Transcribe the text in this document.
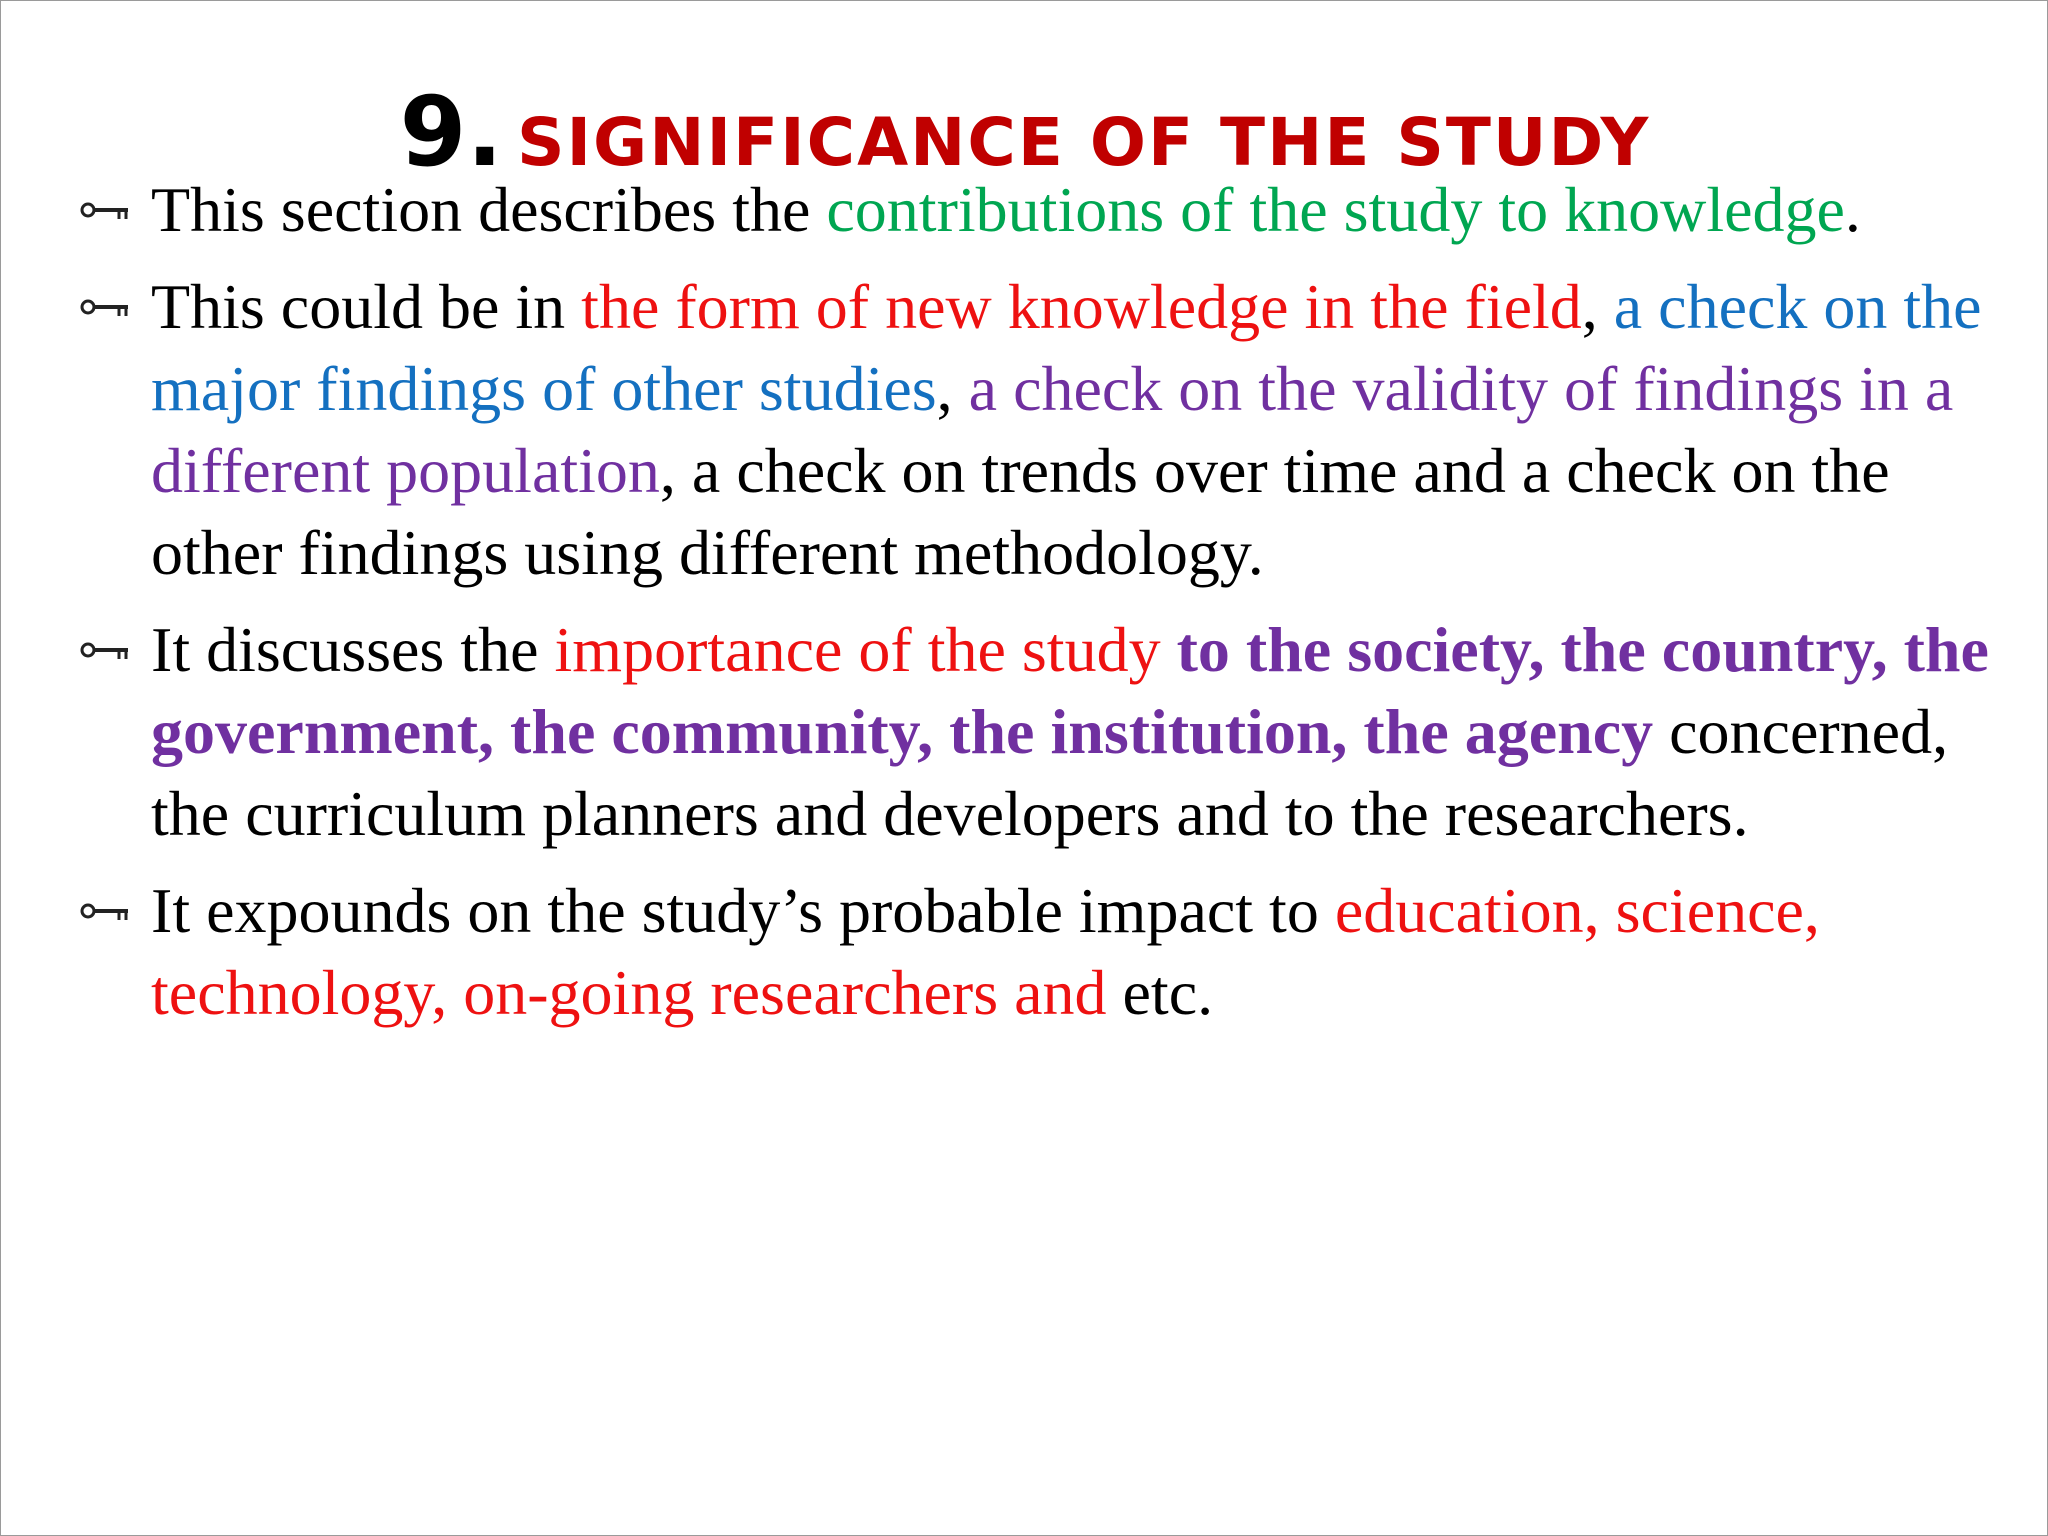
9. SIGNIFICANCE OF THE STUDY
This section describes the contributions of the study to knowledge.
This could be in the form of new knowledge in the field, a check on the major findings of other studies, a check on the validity of findings in a different population, a check on trends over time and a check on the other findings using different methodology.
It discusses the importance of the study to the society, the country, the government, the community, the institution, the agency concerned, the curriculum planners and developers and to the researchers.
It expounds on the study’s probable impact to education, science, technology, on-going researchers and etc.
